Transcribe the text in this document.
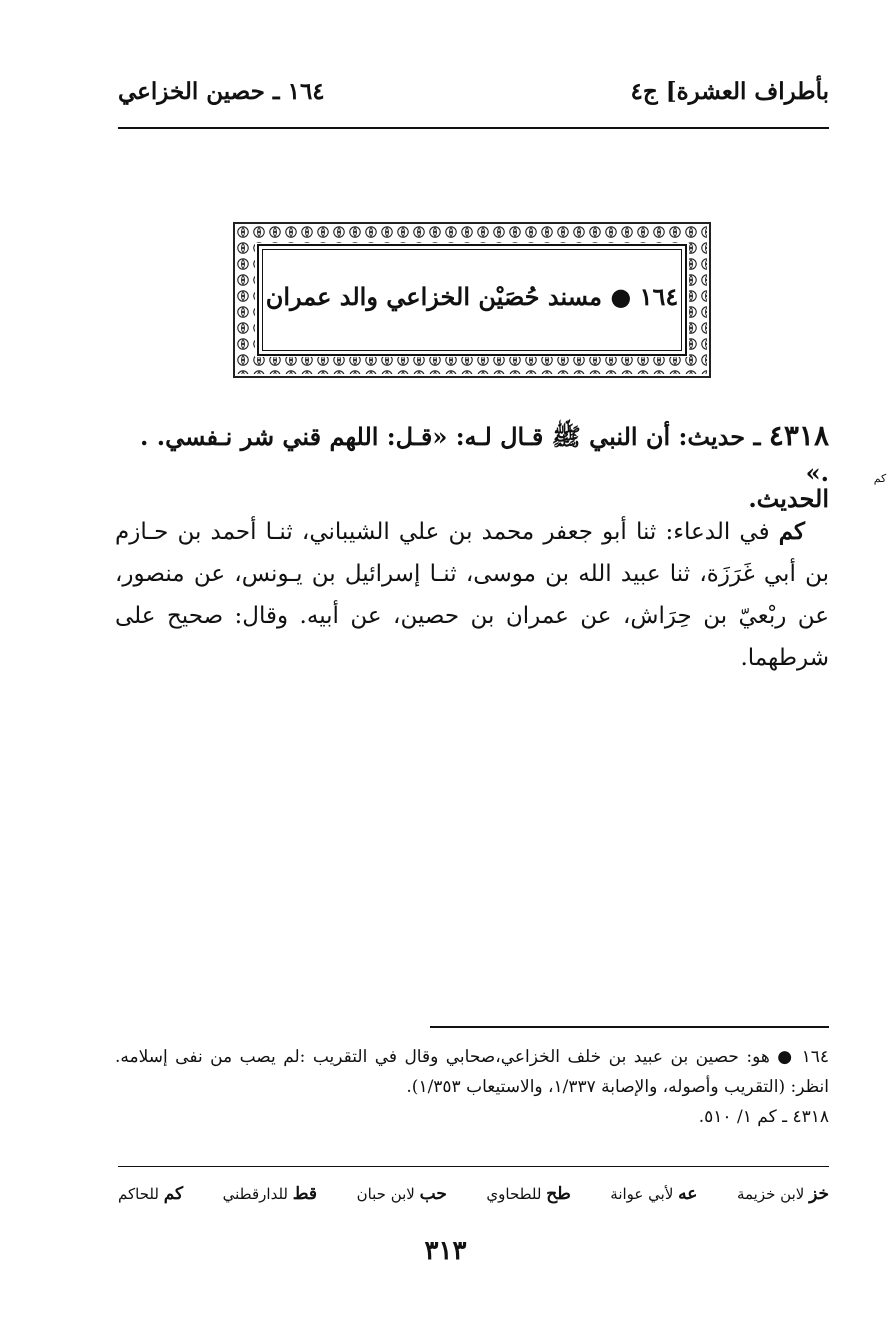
بأطراف العشرة] ج٤
١٦٤ ـ حصين الخزاعي
١٦٤ ● مسند حُصَيْن الخزاعي والد عمران
٤٣١٨ ـ حديث: أن النبي ﷺ قـال لـه: «قـل: اللهم قني شر نـفسي. . .»	كم
الحديث.

كم في الدعاء: ثنا أبو جعفر محمد بن علي الشيباني، ثنـا أحمد بن حـازم بن أبي غَرَزَة، ثنا عبيد الله بن موسى، ثنـا إسرائيل بن يـونس، عن منصور، عن ربْعيّ بن حِرَاش، عن عمران بن حصين، عن أبيه. وقال: صحيح على شرطهما.

١٦٤ ● هو: حصين بن عبيد بن خلف الخزاعي،صحابي وقال في التقريب :لم يصب من نفى إسلامه. انظر: (التقريب وأصوله، والإصابة ١/٣٣٧، والاستيعاب ١/٣٥٣).

٤٣١٨ ـ كم ١/ ٥١٠.

خز لابن خزيمة
عه لأبي عوانة
طح للطحاوي
حب لابن حبان
قط للدارقطني
كم للحاكم
٣١٣
